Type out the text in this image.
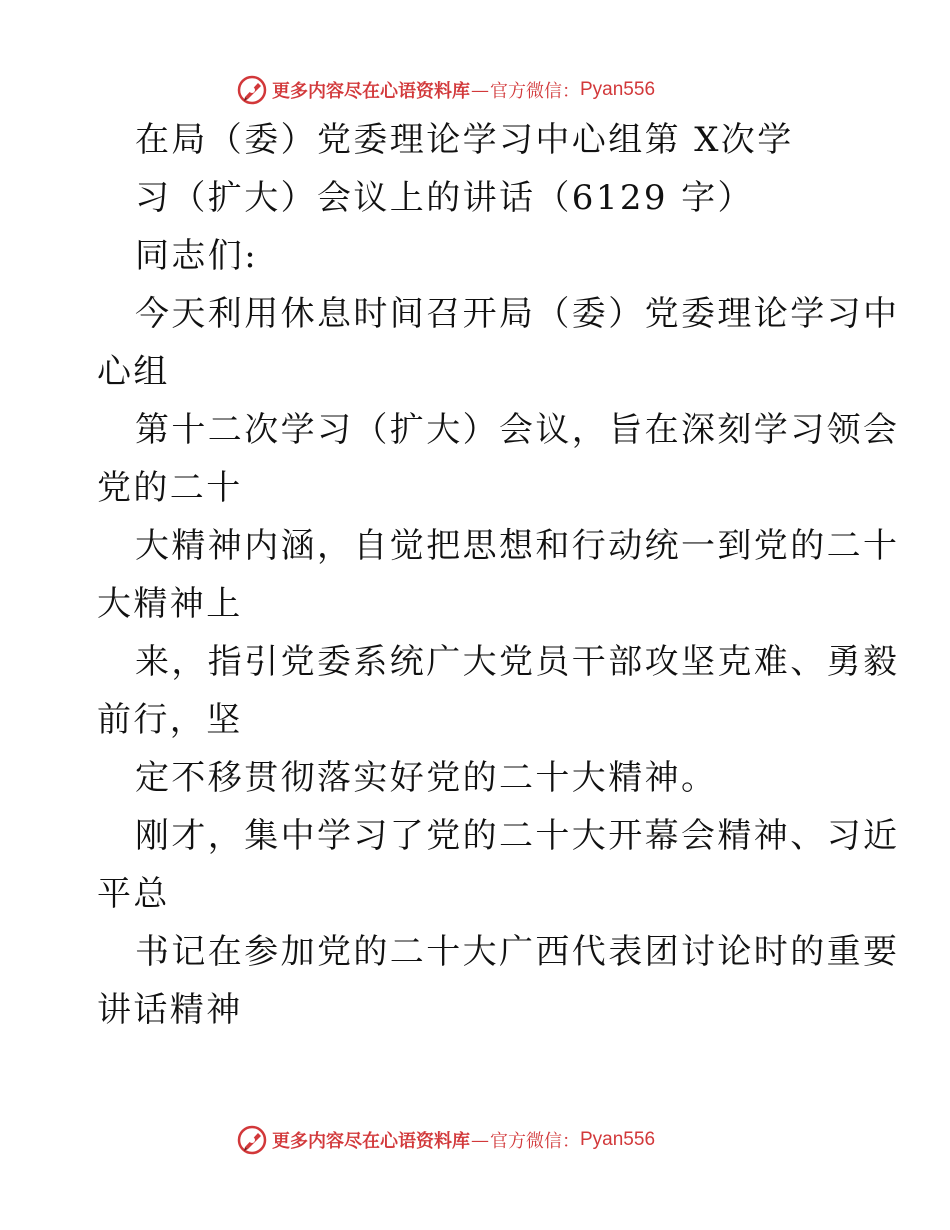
更多内容尽在心语资料库 — 官方微信： Pyan556
在局（委）党委理论学习中心组第 X次学
习（扩大）会议上的讲话（6129 字）
同志们:
今天利用休息时间召开局（委）党委理论学习中
心组
第十二次学习（扩大）会议，旨在深刻学习领会
党的二十
大精神内涵，自觉把思想和行动统一到党的二十
大精神上
来，指引党委系统广大党员干部攻坚克难、勇毅
前行，坚
定不移贯彻落实好党的二十大精神。
刚才，集中学习了党的二十大开幕会精神、习近
平总
书记在参加党的二十大广西代表团讨论时的重要
讲话精神
更多内容尽在心语资料库 — 官方微信： Pyan556
